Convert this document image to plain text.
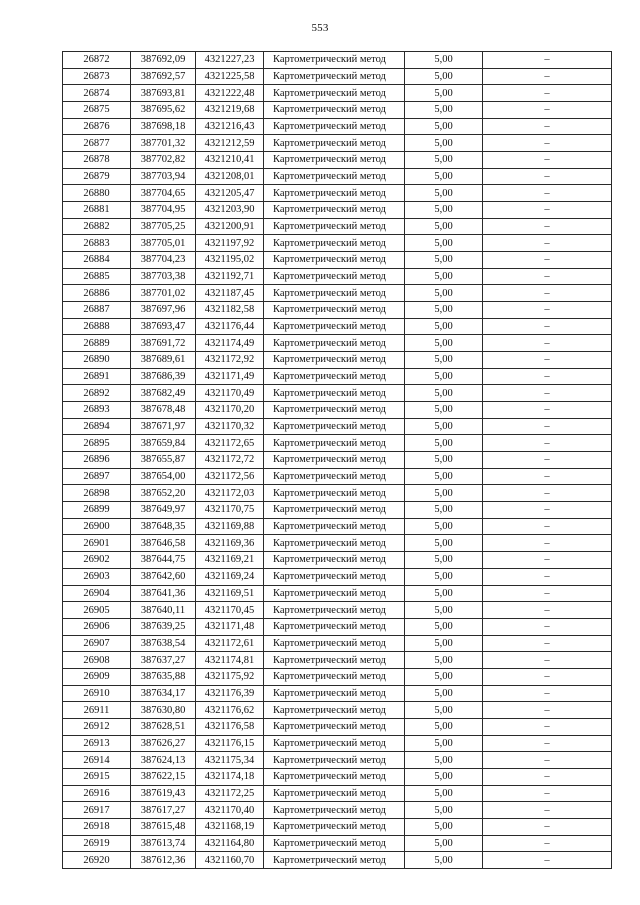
553
26872	387692,09	4321227,23	Картометрический метод	5,00	–
26873	387692,57	4321225,58	Картометрический метод	5,00	–
26874	387693,81	4321222,48	Картометрический метод	5,00	–
26875	387695,62	4321219,68	Картометрический метод	5,00	–
26876	387698,18	4321216,43	Картометрический метод	5,00	–
26877	387701,32	4321212,59	Картометрический метод	5,00	–
26878	387702,82	4321210,41	Картометрический метод	5,00	–
26879	387703,94	4321208,01	Картометрический метод	5,00	–
26880	387704,65	4321205,47	Картометрический метод	5,00	–
26881	387704,95	4321203,90	Картометрический метод	5,00	–
26882	387705,25	4321200,91	Картометрический метод	5,00	–
26883	387705,01	4321197,92	Картометрический метод	5,00	–
26884	387704,23	4321195,02	Картометрический метод	5,00	–
26885	387703,38	4321192,71	Картометрический метод	5,00	–
26886	387701,02	4321187,45	Картометрический метод	5,00	–
26887	387697,96	4321182,58	Картометрический метод	5,00	–
26888	387693,47	4321176,44	Картометрический метод	5,00	–
26889	387691,72	4321174,49	Картометрический метод	5,00	–
26890	387689,61	4321172,92	Картометрический метод	5,00	–
26891	387686,39	4321171,49	Картометрический метод	5,00	–
26892	387682,49	4321170,49	Картометрический метод	5,00	–
26893	387678,48	4321170,20	Картометрический метод	5,00	–
26894	387671,97	4321170,32	Картометрический метод	5,00	–
26895	387659,84	4321172,65	Картометрический метод	5,00	–
26896	387655,87	4321172,72	Картометрический метод	5,00	–
26897	387654,00	4321172,56	Картометрический метод	5,00	–
26898	387652,20	4321172,03	Картометрический метод	5,00	–
26899	387649,97	4321170,75	Картометрический метод	5,00	–
26900	387648,35	4321169,88	Картометрический метод	5,00	–
26901	387646,58	4321169,36	Картометрический метод	5,00	–
26902	387644,75	4321169,21	Картометрический метод	5,00	–
26903	387642,60	4321169,24	Картометрический метод	5,00	–
26904	387641,36	4321169,51	Картометрический метод	5,00	–
26905	387640,11	4321170,45	Картометрический метод	5,00	–
26906	387639,25	4321171,48	Картометрический метод	5,00	–
26907	387638,54	4321172,61	Картометрический метод	5,00	–
26908	387637,27	4321174,81	Картометрический метод	5,00	–
26909	387635,88	4321175,92	Картометрический метод	5,00	–
26910	387634,17	4321176,39	Картометрический метод	5,00	–
26911	387630,80	4321176,62	Картометрический метод	5,00	–
26912	387628,51	4321176,58	Картометрический метод	5,00	–
26913	387626,27	4321176,15	Картометрический метод	5,00	–
26914	387624,13	4321175,34	Картометрический метод	5,00	–
26915	387622,15	4321174,18	Картометрический метод	5,00	–
26916	387619,43	4321172,25	Картометрический метод	5,00	–
26917	387617,27	4321170,40	Картометрический метод	5,00	–
26918	387615,48	4321168,19	Картометрический метод	5,00	–
26919	387613,74	4321164,80	Картометрический метод	5,00	–
26920	387612,36	4321160,70	Картометрический метод	5,00	–
